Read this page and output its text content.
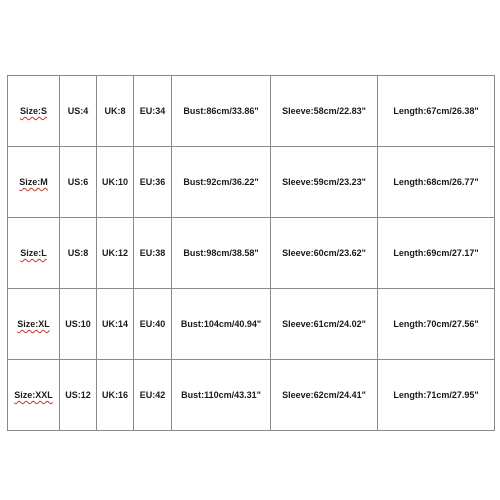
Size:S	US:4	UK:8	EU:34	Bust:86cm/33.86"	Sleeve:58cm/22.83"	Length:67cm/26.38"
Size:M	US:6	UK:10	EU:36	Bust:92cm/36.22"	Sleeve:59cm/23.23"	Length:68cm/26.77"
Size:L	US:8	UK:12	EU:38	Bust:98cm/38.58"	Sleeve:60cm/23.62"	Length:69cm/27.17"
Size:XL	US:10	UK:14	EU:40	Bust:104cm/40.94"	Sleeve:61cm/24.02"	Length:70cm/27.56"
Size:XXL	US:12	UK:16	EU:42	Bust:110cm/43.31"	Sleeve:62cm/24.41"	Length:71cm/27.95"
